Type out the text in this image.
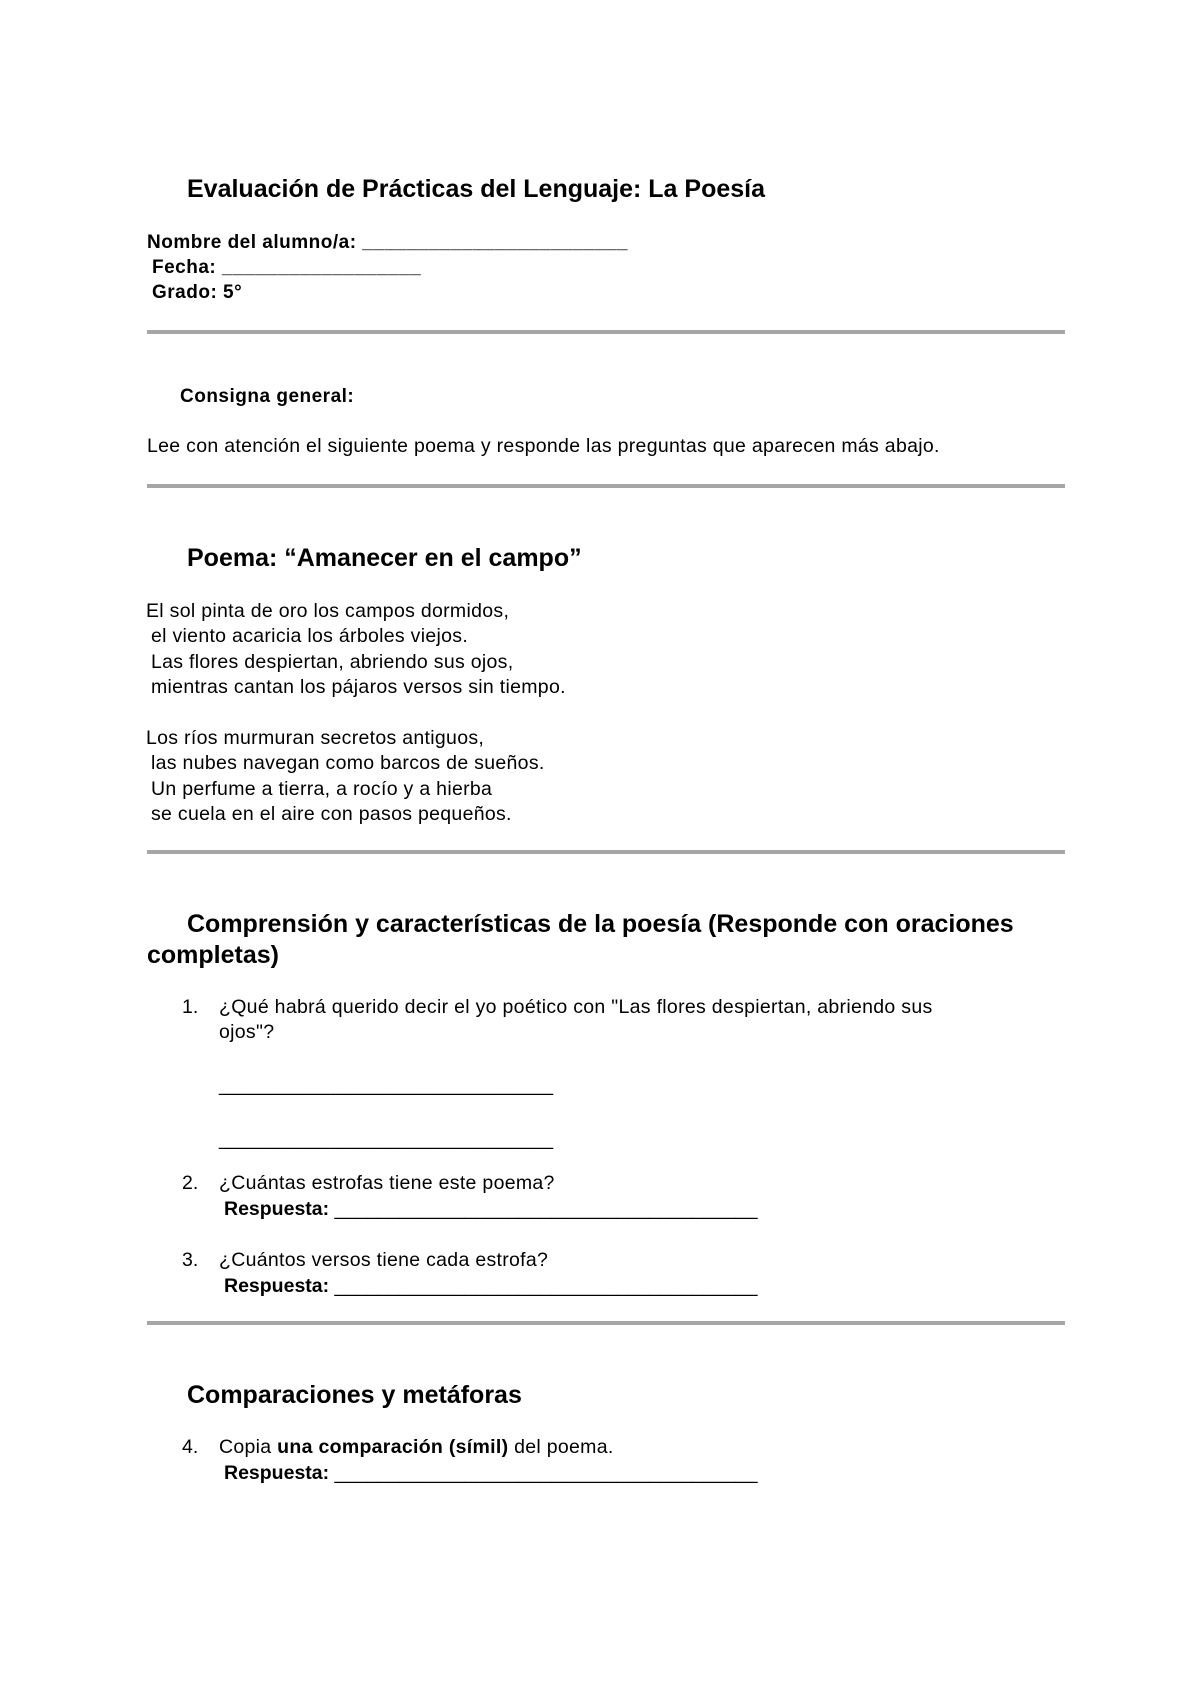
Evaluación de Prácticas del Lenguaje: La Poesía
Nombre del alumno/a: ________________________
Fecha: __________________
Grado: 5°
Consigna general:
Lee con atención el siguiente poema y responde las preguntas que aparecen más abajo.
Poema: “Amanecer en el campo”
El sol pinta de oro los campos dormidos,
el viento acaricia los árboles viejos.
Las flores despiertan, abriendo sus ojos,
mientras cantan los pájaros versos sin tiempo.
Los ríos murmuran secretos antiguos,
las nubes navegan como barcos de sueños.
Un perfume a tierra, a rocío y a hierba
se cuela en el aire con pasos pequeños.
Comprensión y características de la poesía (Responde con oraciones
completas)
1. ¿Qué habrá querido decir el yo poético con "Las flores despiertan, abriendo sus
ojos"?
______________________________
______________________________
2. ¿Cuántas estrofas tiene este poema?
Respuesta: _______________________________________
3. ¿Cuántos versos tiene cada estrofa?
Respuesta: _______________________________________
Comparaciones y metáforas
4. Copia una comparación (símil) del poema.
Respuesta: _______________________________________
